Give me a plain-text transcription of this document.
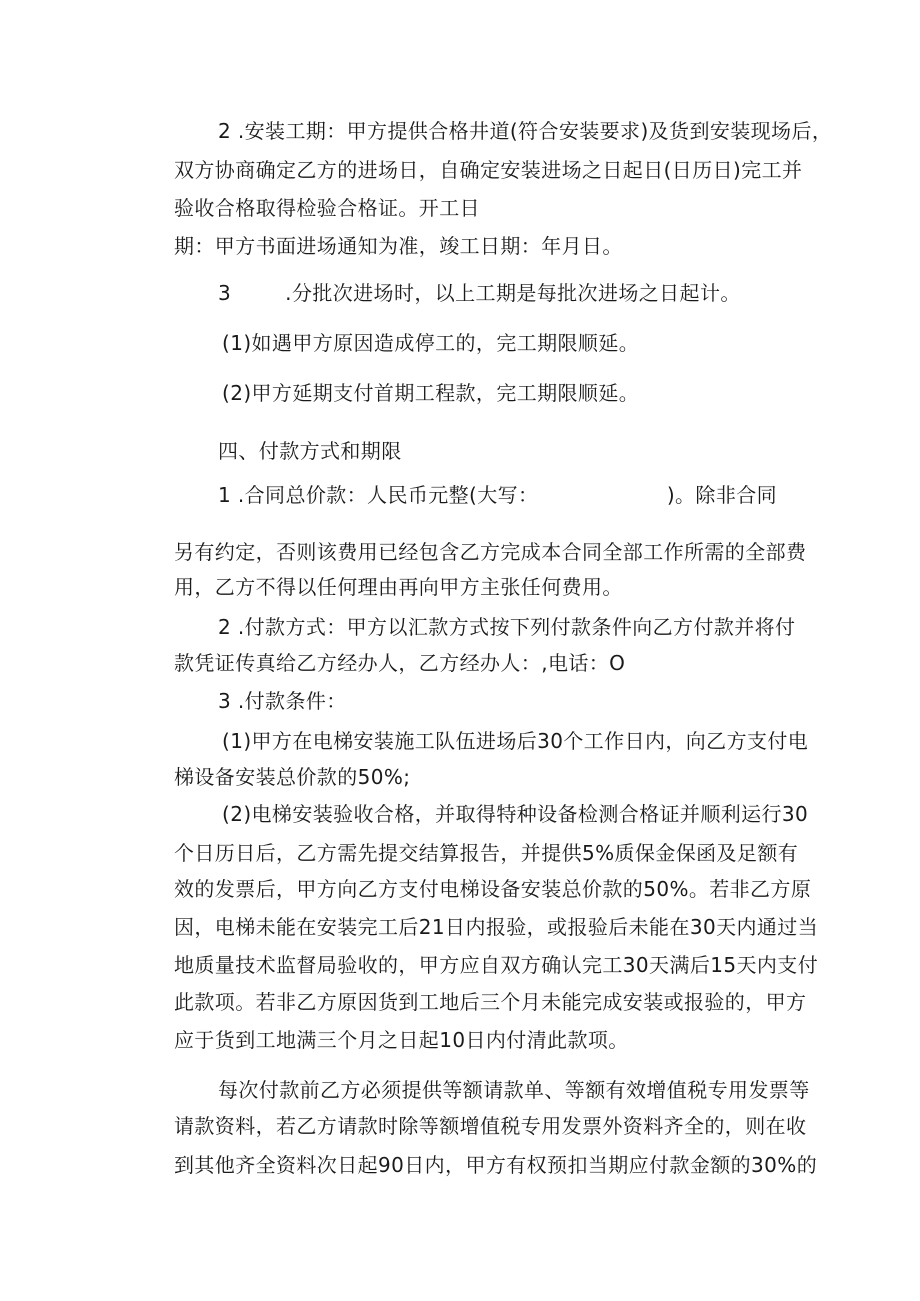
2 .安装工期：甲方提供合格井道(符合安装要求)及货到安装现场后，
双方协商确定乙方的进场日，自确定安装进场之日起日(日历日)完工并
验收合格取得检验合格证。开工日
期：甲方书面进场通知为准，竣工日期：年月日。
3        .分批次进场时，以上工期是每批次进场之日起计。
(1)如遇甲方原因造成停工的，完工期限顺延。
(2)甲方延期支付首期工程款，完工期限顺延。
四、付款方式和期限
1 .合同总价款：人民币元整(大写：                   )。除非合同
另有约定，否则该费用已经包含乙方完成本合同全部工作所需的全部费
用，乙方不得以任何理由再向甲方主张任何费用。
2 .付款方式：甲方以汇款方式按下列付款条件向乙方付款并将付
款凭证传真给乙方经办人，乙方经办人：,电话：O
3 .付款条件：
(1)甲方在电梯安装施工队伍进场后30个工作日内，向乙方支付电
梯设备安装总价款的50%;
(2)电梯安装验收合格，并取得特种设备检测合格证并顺利运行30
个日历日后，乙方需先提交结算报告，并提供5%质保金保函及足额有
效的发票后，甲方向乙方支付电梯设备安装总价款的50%。若非乙方原
因，电梯未能在安装完工后21日内报验，或报验后未能在30天内通过当
地质量技术监督局验收的，甲方应自双方确认完工30天满后15天内支付
此款项。若非乙方原因货到工地后三个月未能完成安装或报验的，甲方
应于货到工地满三个月之日起10日内付清此款项。
每次付款前乙方必须提供等额请款单、等额有效增值税专用发票等
请款资料，若乙方请款时除等额增值税专用发票外资料齐全的，则在收
到其他齐全资料次日起90日内，甲方有权预扣当期应付款金额的30%的
